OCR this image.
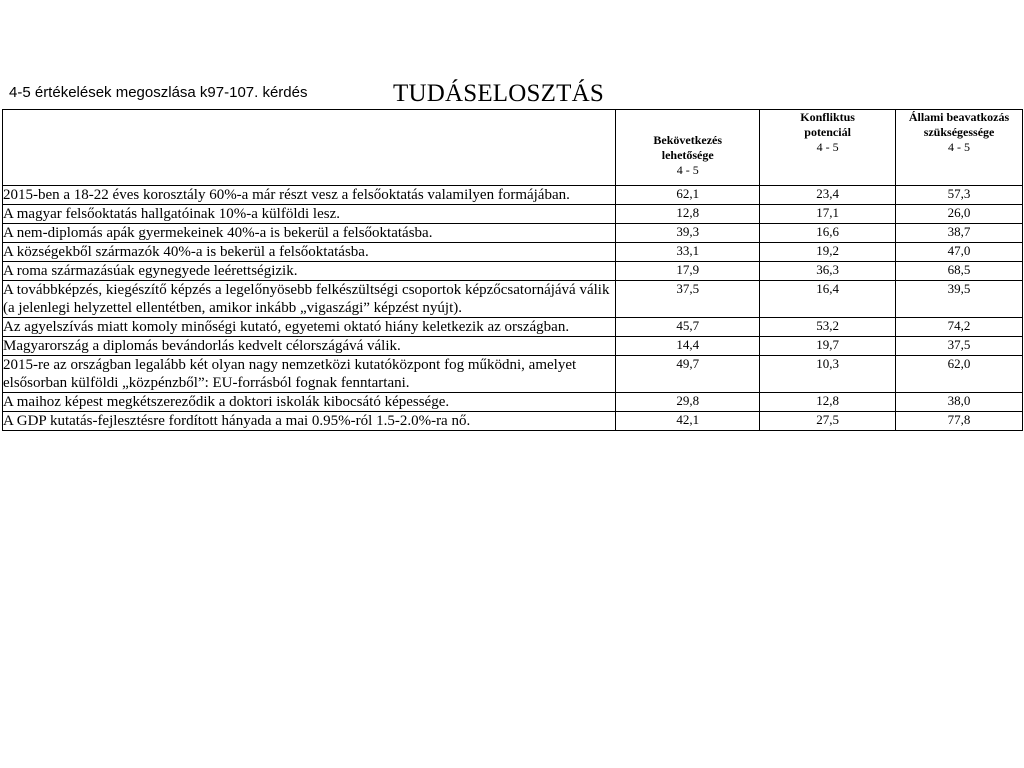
4-5 értékelések megoszlása k97-107. kérdés	TUDÁSELOSZTÁS

	Bekövetkezés
lehetősége
4 - 5	Konfliktus
potenciál
4 - 5	Állami beavatkozás
szükségessége
4 - 5
2015-ben a 18-22 éves korosztály 60%-a már részt vesz a felsőoktatás valamilyen formájában.	62,1	23,4	57,3
A magyar felsőoktatás hallgatóinak 10%-a külföldi lesz.	12,8	17,1	26,0
A nem-diplomás apák gyermekeinek 40%-a is bekerül a felsőoktatásba.	39,3	16,6	38,7
A községekből származók 40%-a is bekerül a felsőoktatásba.	33,1	19,2	47,0
A roma származásúak egynegyede leérettségizik.	17,9	36,3	68,5
A továbbképzés, kiegészítő képzés a legelőnyösebb felkészültségi csoportok képzőcsatornájává válik (a jelenlegi helyzettel ellentétben, amikor inkább „vigaszági” képzést nyújt).	37,5	16,4	39,5
Az agyelszívás miatt komoly minőségi kutató, egyetemi oktató hiány keletkezik az országban.	45,7	53,2	74,2
Magyarország a diplomás bevándorlás kedvelt célországává válik.	14,4	19,7	37,5
2015-re az országban legalább két olyan nagy nemzetközi kutatóközpont fog működni, amelyet elsősorban külföldi „közpénzből”: EU-forrásból fognak fenntartani.	49,7	10,3	62,0
A maihoz képest megkétszereződik a doktori iskolák kibocsátó képessége.	29,8	12,8	38,0
A GDP kutatás-fejlesztésre fordított hányada a mai 0.95%-ról 1.5-2.0%-ra nő.	42,1	27,5	77,8
